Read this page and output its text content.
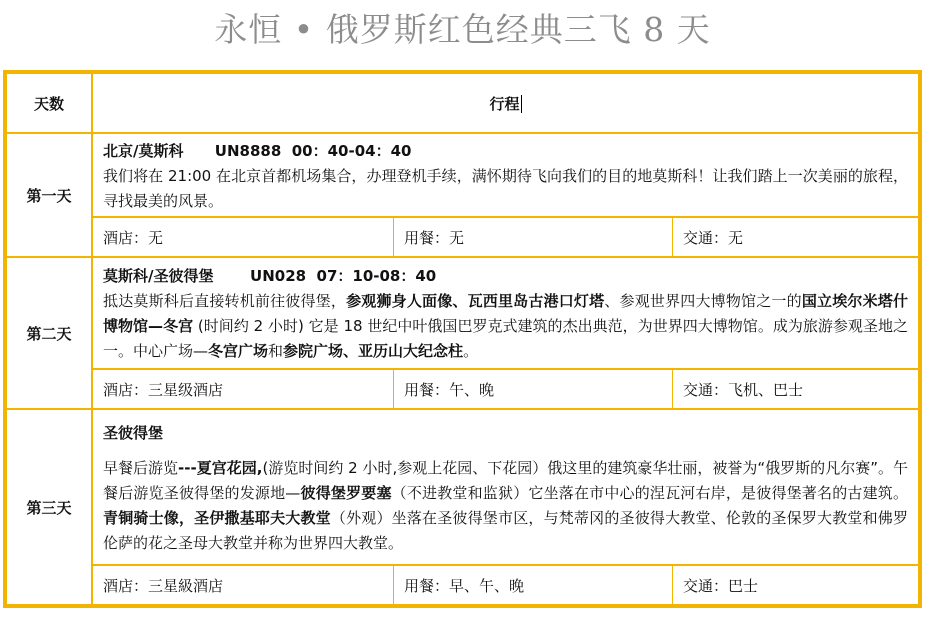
永恒 • 俄罗斯红色经典三飞 8 天
天数	行程
第一天	
北京/莫斯科      UN8888  00：40-04：40
我们将在 21:00 在北京首都机场集合，办理登机手续，满怀期待飞向我们的目的地莫斯科！让我们踏上一次美丽的旅程，寻找最美的风景。

酒店：无	用餐：无	交通：无

第二天	
莫斯科/圣彼得堡       UN028  07：10-08：40
抵达莫斯科后直接转机前往彼得堡，参观狮身人面像、瓦西里岛古港口灯塔、参观世界四大博物馆之一的国立埃尔米塔什博物馆—冬宫 (时间约 2 小时) 它是 18 世纪中叶俄国巴罗克式建筑的杰出典范，为世界四大博物馆。成为旅游参观圣地之一。中心广场—冬宫广场和参院广场、亚历山大纪念柱。

酒店：三星级酒店	用餐：午、晚	交通：飞机、巴士

第三天	
圣彼得堡
早餐后游览---夏宫花园,(游览时间约 2 小时,参观上花园、下花园）俄这里的建筑豪华壮丽，被誉为“俄罗斯的凡尔赛”。午餐后游览圣彼得堡的发源地—彼得堡罗要塞（不进教堂和监狱）它坐落在市中心的涅瓦河右岸，是彼得堡著名的古建筑。青铜骑士像，圣伊撒基耶夫大教堂（外观）坐落在圣彼得堡市区，与梵蒂冈的圣彼得大教堂、伦敦的圣保罗大教堂和佛罗伦萨的花之圣母大教堂并称为世界四大教堂。

酒店：三星級酒店	用餐：早、午、晚	交通：巴士
